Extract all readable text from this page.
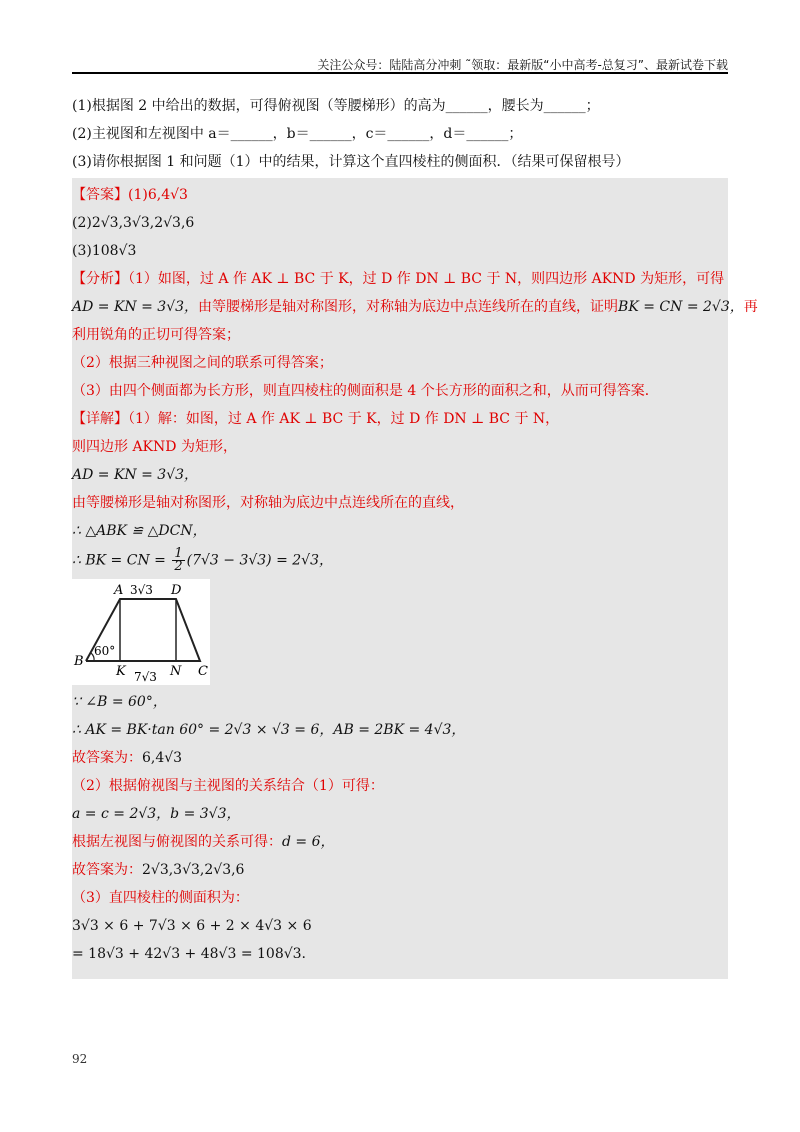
关注公众号：陆陆高分冲刺 ˜领取：最新版“小中高考-总复习”、最新试卷下载

(1)根据图 2 中给出的数据，可得俯视图（等腰梯形）的高为______，腰长为______；

(2)主视图和左视图中 a＝______，b＝______，c＝______，d＝______；

(3)请你根据图 1 和问题（1）中的结果，计算这个直四棱柱的侧面积．（结果可保留根号）

【答案】(1)6,4√3

(2)2√3,3√3,2√3,6

(3)108√3

【分析】（1）如图，过 A 作 AK ⊥ BC 于 K，过 D 作 DN ⊥ BC 于 N，则四边形 AKND 为矩形，可得

AD = KN = 3√3，由等腰梯形是轴对称图形，对称轴为底边中点连线所在的直线，证明BK = CN = 2√3，再

利用锐角的正切可得答案；

（2）根据三种视图之间的联系可得答案；

（3）由四个侧面都为长方形，则直四棱柱的侧面积是 4 个长方形的面积之和，从而可得答案．

【详解】（1）解：如图，过 A 作 AK ⊥ BC 于 K，过 D 作 DN ⊥ BC 于 N，

则四边形 AKND 为矩形，

AD = KN = 3√3，

由等腰梯形是轴对称图形，对称轴为底边中点连线所在的直线，

∴ △ABK ≌ △DCN，

∴ BK = CN = $\frac{1}{2} (7√3 - 3√3) = 2√3$，

A	D
3√3
B
K	N C
7√3
60°

∵ ∠B = 60°，

∴ AK = BK·tan 60° = 2√3 × √3 = 6，AB = 2BK = 4√3，

故答案为：6,4√3

（2）根据俯视图与主视图的关系结合（1）可得：

a = c = 2√3，b = 3√3，

根据左视图与俯视图的关系可得：d = 6，

故答案为：2√3,3√3,2√3,6

（3）直四棱柱的侧面积为：

3√3 × 6 + 7√3 × 6 + 2 × 4√3 × 6

= 18√3 + 42√3 + 48√3 = 108√3.

92
